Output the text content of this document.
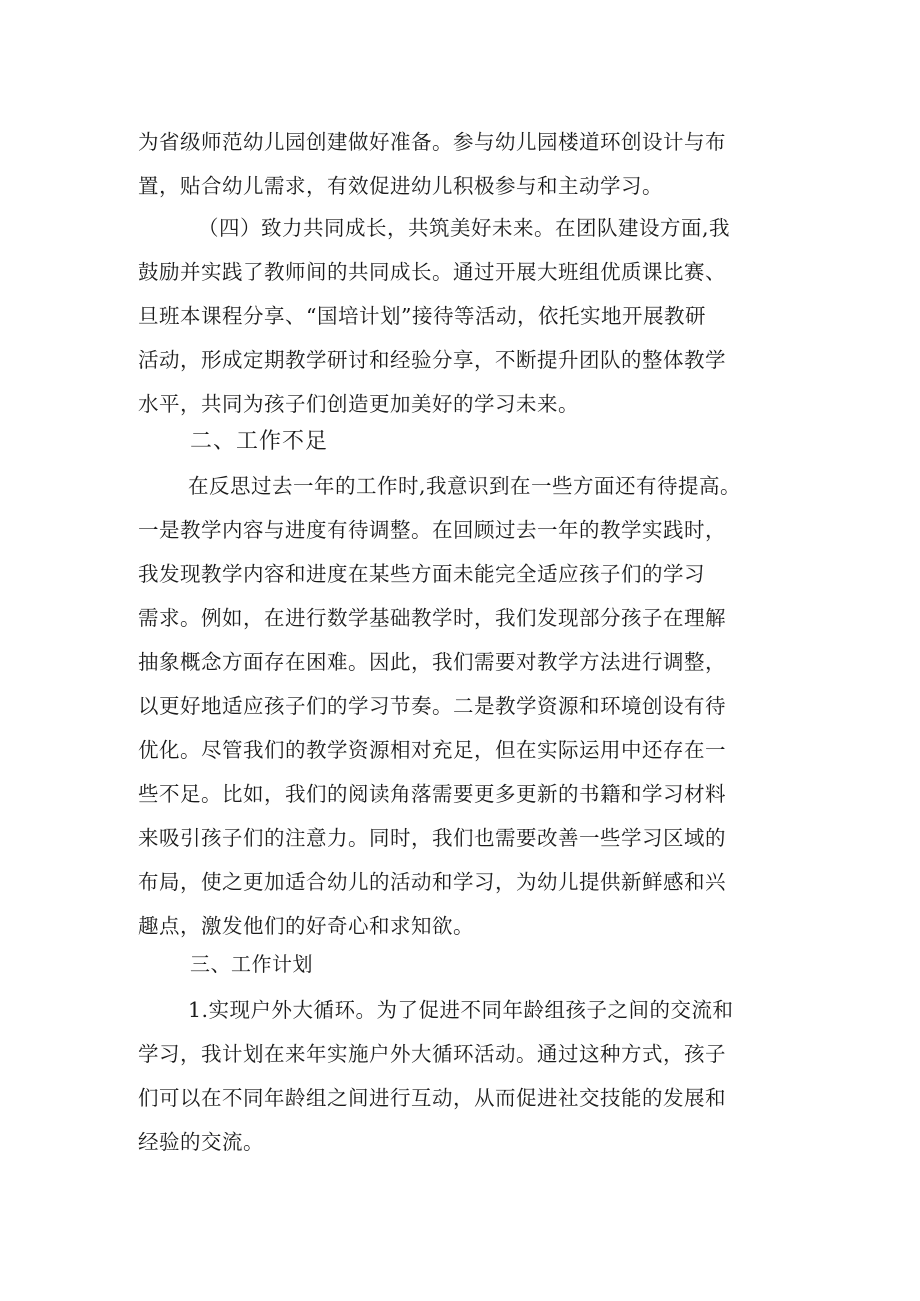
为省级师范幼儿园创建做好准备。参与幼儿园楼道环创设计与布
置，贴合幼儿需求，有效促进幼儿积极参与和主动学习。
（四）致力共同成长，共筑美好未来。在团队建设方面,我
鼓励并实践了教师间的共同成长。通过开展大班组优质课比赛、
旦班本课程分享、“国培计划”接待等活动，依托实地开展教研
活动，形成定期教学研讨和经验分享，不断提升团队的整体教学
水平，共同为孩子们创造更加美好的学习未来。
二、工作不足
在反思过去一年的工作时,我意识到在一些方面还有待提高。
一是教学内容与进度有待调整。在回顾过去一年的教学实践时，
我发现教学内容和进度在某些方面未能完全适应孩子们的学习
需求。例如，在进行数学基础教学时，我们发现部分孩子在理解
抽象概念方面存在困难。因此，我们需要对教学方法进行调整，
以更好地适应孩子们的学习节奏。二是教学资源和环境创设有待
优化。尽管我们的教学资源相对充足，但在实际运用中还存在一
些不足。比如，我们的阅读角落需要更多更新的书籍和学习材料
来吸引孩子们的注意力。同时，我们也需要改善一些学习区域的
布局，使之更加适合幼儿的活动和学习，为幼儿提供新鲜感和兴
趣点，激发他们的好奇心和求知欲。
三、工作计划
1.实现户外大循环。为了促进不同年龄组孩子之间的交流和
学习，我计划在来年实施户外大循环活动。通过这种方式，孩子
们可以在不同年龄组之间进行互动，从而促进社交技能的发展和
经验的交流。
